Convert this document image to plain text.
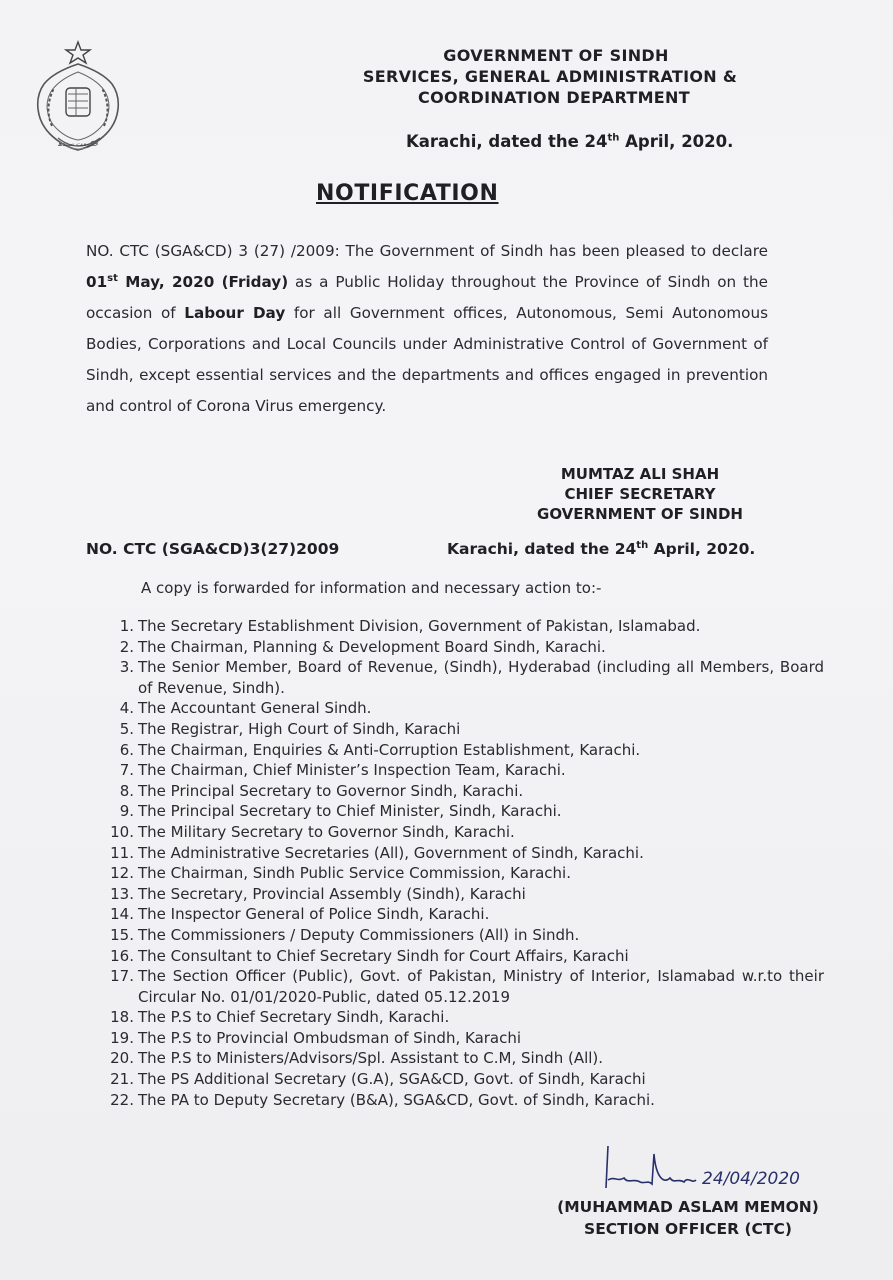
حکومت سندھ
GOVERNMENT OF SINDH
SERVICES, GENERAL ADMINISTRATION &
COORDINATION DEPARTMENT
Karachi, dated the 24th April, 2020.
NOTIFICATION
NO. CTC (SGA&CD) 3 (27) /2009: The Government of Sindh has been pleased to declare 01st May, 2020 (Friday) as a Public Holiday throughout the Province of Sindh on the occasion of Labour Day for all Government offices, Autonomous, Semi Autonomous Bodies, Corporations and Local Councils under Administrative Control of Government of Sindh, except essential services and the departments and offices engaged in prevention and control of Corona Virus emergency.
MUMTAZ ALI SHAH
CHIEF SECRETARY
GOVERNMENT OF SINDH
NO. CTC (SGA&CD)3(27)2009	Karachi, dated the 24th April, 2020.
A copy is forwarded for information and necessary action to:-
1. The Secretary Establishment Division, Government of Pakistan, Islamabad.
2. The Chairman, Planning & Development Board Sindh, Karachi.
3. The Senior Member, Board of Revenue, (Sindh), Hyderabad (including all Members, Board of Revenue, Sindh).
4. The Accountant General Sindh.
5. The Registrar, High Court of Sindh, Karachi
6. The Chairman, Enquiries & Anti-Corruption Establishment, Karachi.
7. The Chairman, Chief Minister’s Inspection Team, Karachi.
8. The Principal Secretary to Governor Sindh, Karachi.
9. The Principal Secretary to Chief Minister, Sindh, Karachi.
10. The Military Secretary to Governor Sindh, Karachi.
11. The Administrative Secretaries (All), Government of Sindh, Karachi.
12. The Chairman, Sindh Public Service Commission, Karachi.
13. The Secretary, Provincial Assembly (Sindh), Karachi
14. The Inspector General of Police Sindh, Karachi.
15. The Commissioners / Deputy Commissioners (All) in Sindh.
16. The Consultant to Chief Secretary Sindh for Court Affairs, Karachi
17. The Section Officer (Public), Govt. of Pakistan, Ministry of Interior, Islamabad w.r.to their Circular No. 01/01/2020-Public, dated 05.12.2019
18. The P.S to Chief Secretary Sindh, Karachi.
19. The P.S to Provincial Ombudsman of Sindh, Karachi
20. The P.S to Ministers/Advisors/Spl. Assistant to C.M, Sindh (All).
21. The PS Additional Secretary (G.A), SGA&CD, Govt. of Sindh, Karachi
22. The PA to Deputy Secretary (B&A), SGA&CD, Govt. of Sindh, Karachi.
24/04/2020
(MUHAMMAD ASLAM MEMON)
SECTION OFFICER (CTC)
